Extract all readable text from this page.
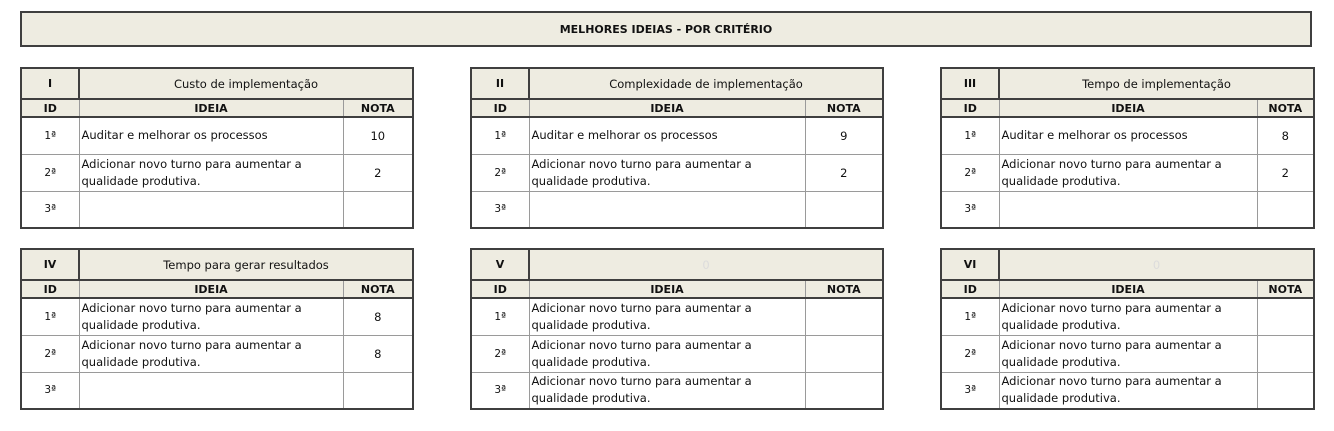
MELHORES IDEIAS - POR CRITÉRIO
I	Custo de implementação	
ID	IDEIA	NOTA
1ª	Auditar e melhorar os processos	10
2ª	Adicionar novo turno para aumentar a qualidade produtiva.	2
3ª		
II	Complexidade de implementação	
ID	IDEIA	NOTA
1ª	Auditar e melhorar os processos	9
2ª	Adicionar novo turno para aumentar a qualidade produtiva.	2
3ª		
III	Tempo de implementação	
ID	IDEIA	NOTA
1ª	Auditar e melhorar os processos	8
2ª	Adicionar novo turno para aumentar a qualidade produtiva.	2
3ª		
IV	Tempo para gerar resultados	
ID	IDEIA	NOTA
1ª	Adicionar novo turno para aumentar a qualidade produtiva.	8
2ª	Adicionar novo turno para aumentar a qualidade produtiva.	8
3ª		
V	0	
ID	IDEIA	NOTA
1ª	Adicionar novo turno para aumentar a qualidade produtiva.	
2ª	Adicionar novo turno para aumentar a qualidade produtiva.	
3ª	Adicionar novo turno para aumentar a qualidade produtiva.	
VI	0	
ID	IDEIA	NOTA
1ª	Adicionar novo turno para aumentar a qualidade produtiva.	
2ª	Adicionar novo turno para aumentar a qualidade produtiva.	
3ª	Adicionar novo turno para aumentar a qualidade produtiva.	
